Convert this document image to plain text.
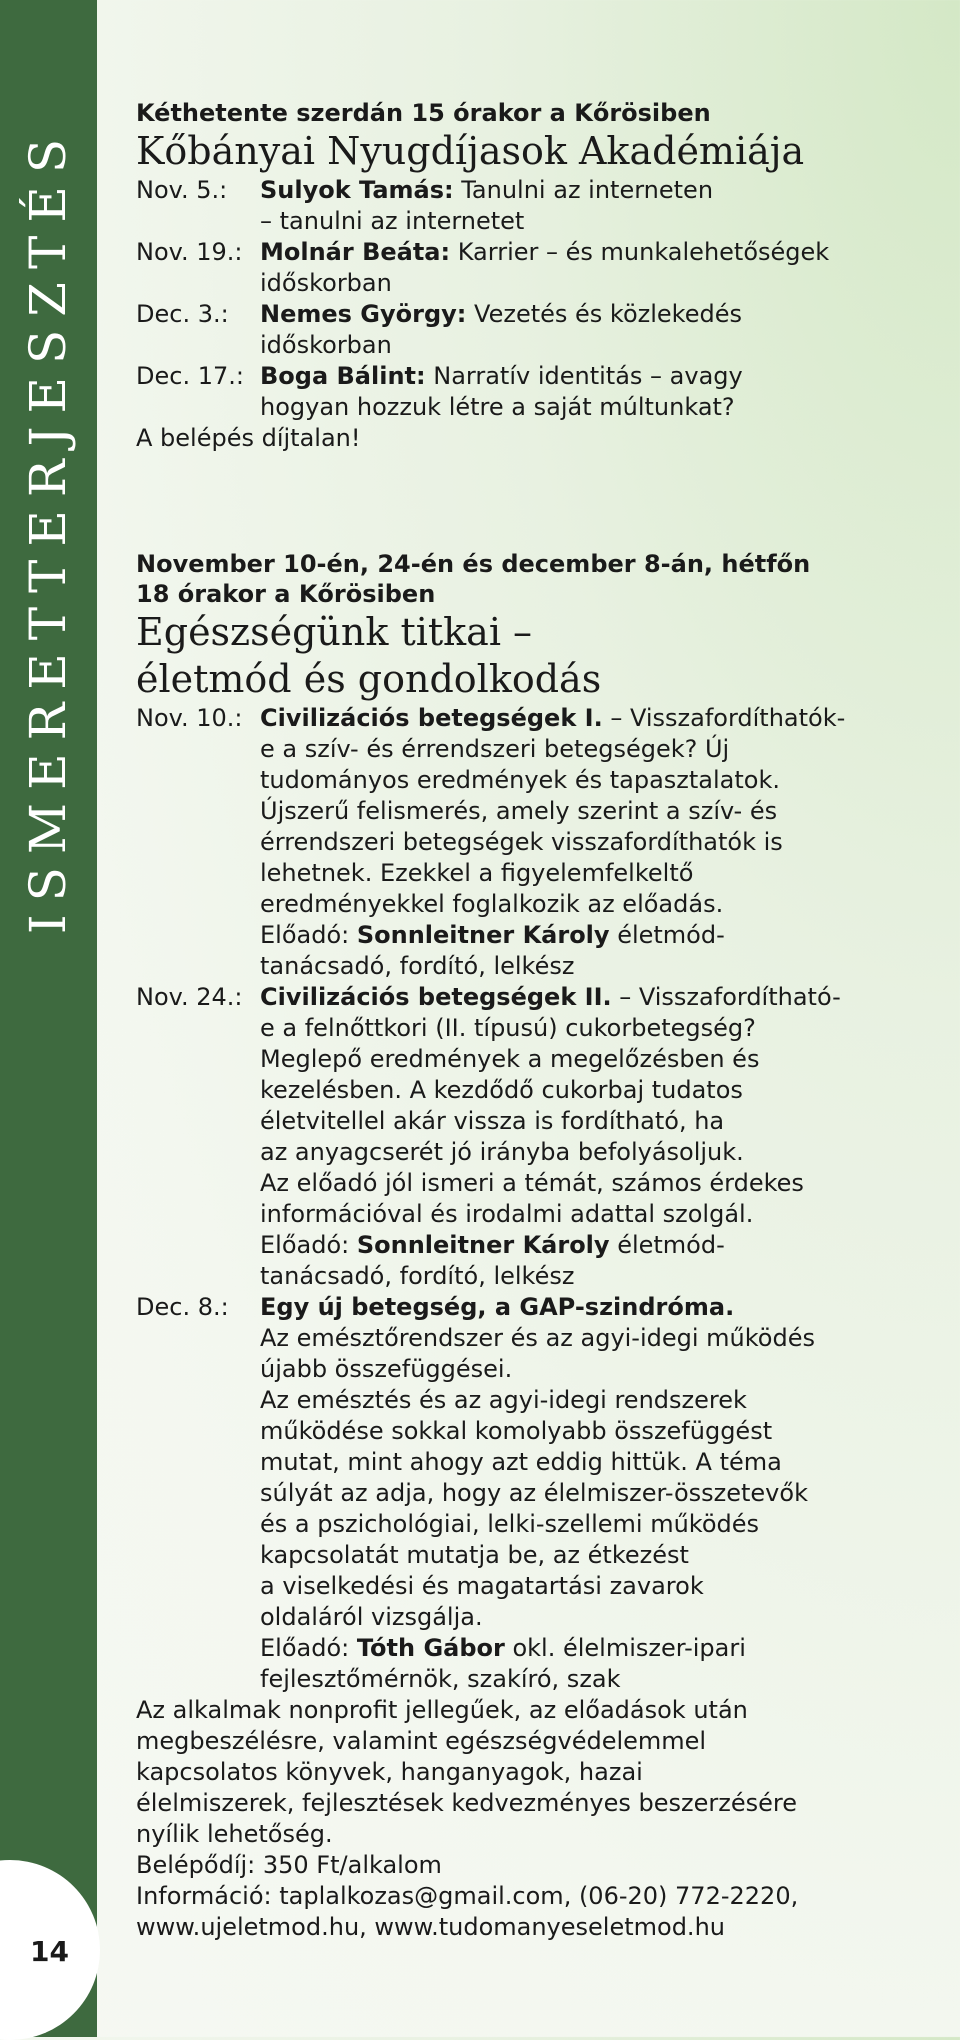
ISMERETTERJESZTÉS
14

Kéthetente szerdán 15 órakor a Kőrösiben

Kőbányai Nyugdíjasok Akadémiája
Nov. 5.:	Sulyok Tamás: Tanulni az interneten
– tanulni az internetet
Nov. 19.: Molnár Beáta: Karrier – és munkalehetőségek
időskorban
Dec. 3.:	Nemes György: Vezetés és közlekedés
időskorban
Dec. 17.: Boga Bálint: Narratív identitás – avagy
hogyan hozzuk létre a saját múltunkat?

A belépés díjtalan!

November 10-én, 24-én és december 8-án, hétfőn
18 órakor a Kőrösiben

Egészségünk titkai –
életmód és gondolkodás
Nov. 10.: Civilizációs betegségek I. – Visszafordíthatók-
e a szív- és érrendszeri betegségek? Új
tudományos eredmények és tapasztalatok.
Újszerű felismerés, amely szerint a szív- és
érrendszeri betegségek visszafordíthatók is
lehetnek. Ezekkel a figyelemfelkeltő
eredményekkel foglalkozik az előadás.
Előadó: Sonnleitner Károly életmód-
tanácsadó, fordító, lelkész
Nov. 24.: Civilizációs betegségek II. – Visszafordítható-
e a felnőttkori (II. típusú) cukorbetegség?
Meglepő eredmények a megelőzésben és
kezelésben. A kezdődő cukorbaj tudatos
életvitellel akár vissza is fordítható, ha
az anyagcserét jó irányba befolyásoljuk.
Az előadó jól ismeri a témát, számos érdekes
információval és irodalmi adattal szolgál.
Előadó: Sonnleitner Károly életmód-
tanácsadó, fordító, lelkész
Dec. 8.:	Egy új betegség, a GAP-szindróma.
Az emésztőrendszer és az agyi-idegi működés
újabb összefüggései.
Az emésztés és az agyi-idegi rendszerek
működése sokkal komolyabb összefüggést
mutat, mint ahogy azt eddig hittük. A téma
súlyát az adja, hogy az élelmiszer-összetevők
és a pszichológiai, lelki-szellemi működés
kapcsolatát mutatja be, az étkezést
a viselkedési és magatartási zavarok
oldaláról vizsgálja.
Előadó: Tóth Gábor okl. élelmiszer-ipari
fejlesztőmérnök, szakíró, szak
Az alkalmak nonprofit jellegűek, az előadások után
megbeszélésre, valamint egészségvédelemmel
kapcsolatos könyvek, hanganyagok, hazai
élelmiszerek, fejlesztések kedvezményes beszerzésére
nyílik lehetőség.
Belépődíj: 350 Ft/alkalom
Információ: taplalkozas@gmail.com, (06-20) 772-2220,
www.ujeletmod.hu, www.tudomanyeseletmod.hu
